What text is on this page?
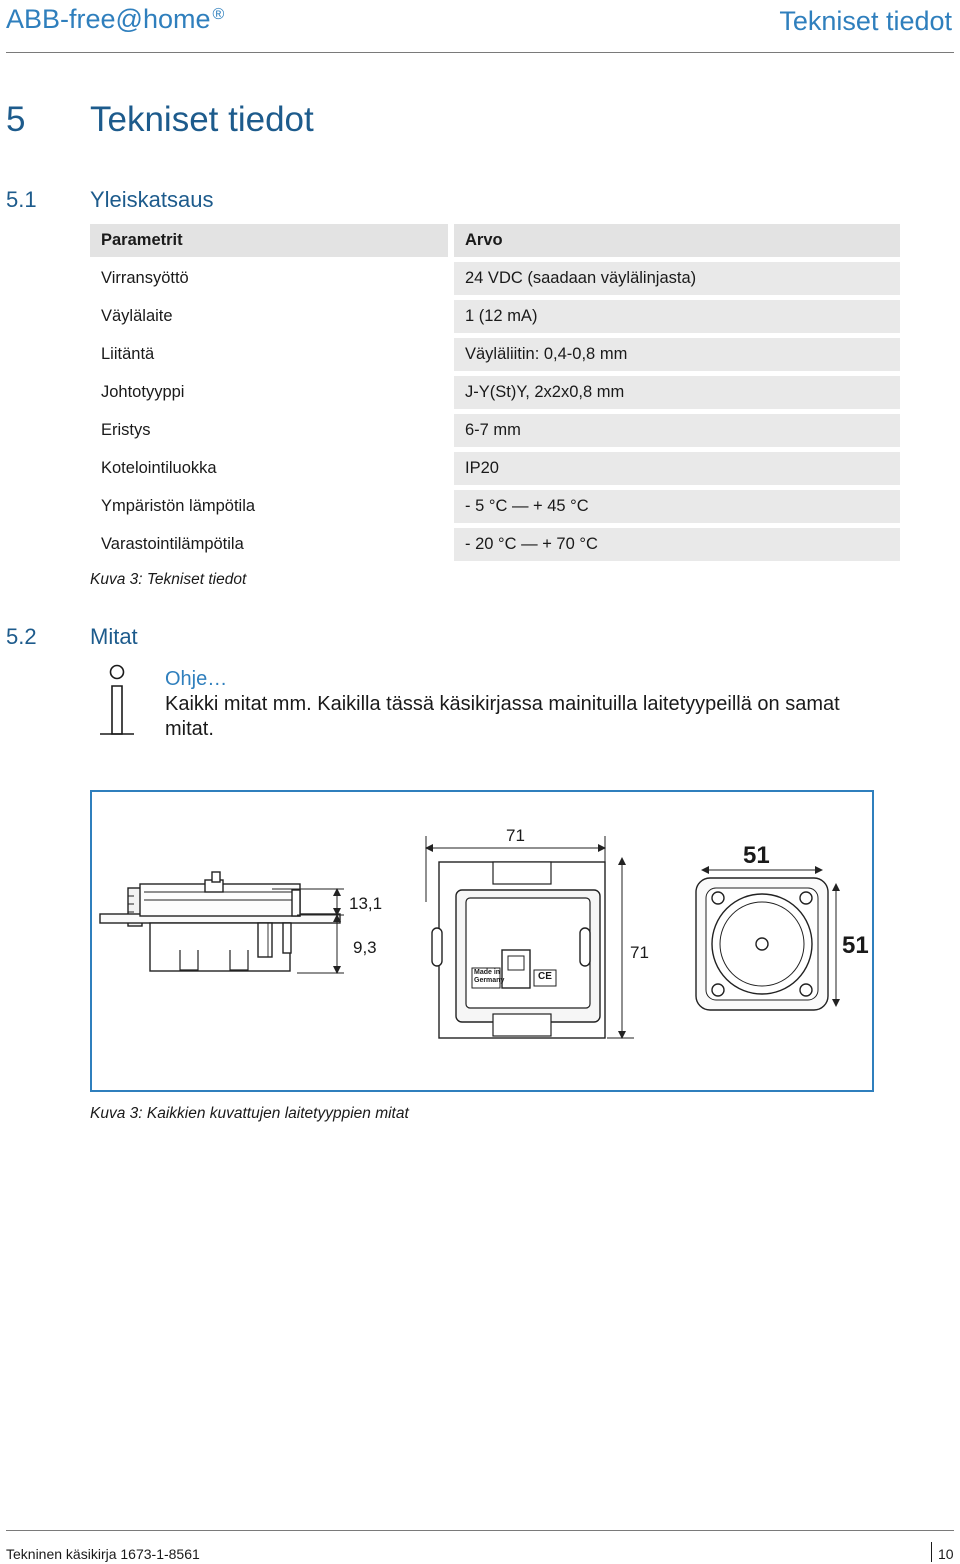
ABB-free@home ®	Tekniset tiedot
5 Tekniset tiedot
5.1 Yleiskatsaus
Parametrit	Arvo
Virransyöttö	24 VDC (saadaan väylälinjasta)
Väylälaite	1 (12 mA)
Liitäntä	Väyläliitin: 0,4-0,8 mm
Johtotyyppi	J-Y(St)Y, 2x2x0,8 mm
Eristys	6-7 mm
Kotelointiluokka	IP20
Ympäristön lämpötila	- 5 °C — + 45 °C
Varastointilämpötila	- 20 °C — + 70 °C
Kuva 3: Tekniset tiedot
5.2 Mitat
Ohje…
Kaikki mitat mm. Kaikilla tässä käsikirjassa mainituilla laitetyypeillä on samat mitat.
71
13,1
9,3	71
51
51
Made in
Germany	CE
Kuva 3: Kaikkien kuvattujen laitetyyppien mitat
Tekninen käsikirja 1673-1-8561	10
